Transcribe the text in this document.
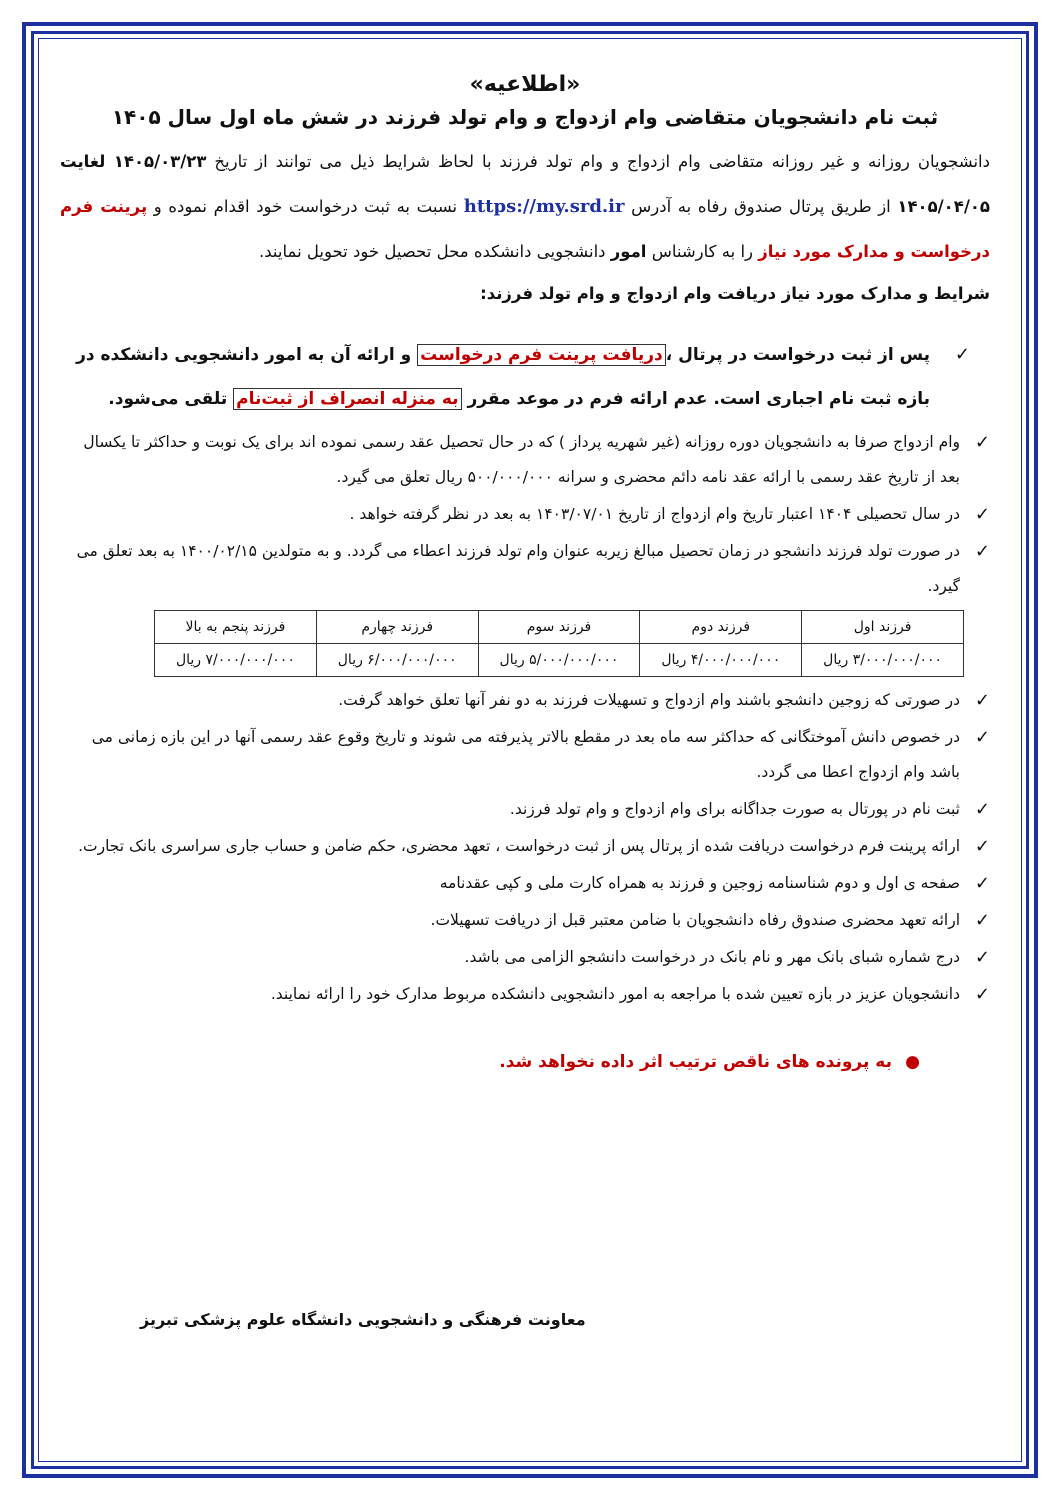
«اطلاعیه»
ثبت نام دانشجویان متقاضی وام ازدواج و وام تولد فرزند در شش ماه اول سال ۱۴۰۵

دانشجویان روزانه و غیر روزانه متقاضی وام ازدواج و وام تولد فرزند با لحاظ شرایط ذیل می توانند از تاریخ ۱۴۰۵/۰۳/۲۳ لغایت ۱۴۰۵/۰۴/۰۵ از طریق پرتال صندوق رفاه به آدرس https://my.srd.ir نسبت به ثبت درخواست خود اقدام نموده و پرینت فرم درخواست و مدارک مورد نیاز را به کارشناس امور دانشجویی دانشکده محل تحصیل خود تحویل نمایند.

شرایط و مدارک مورد نیاز دریافت وام ازدواج و وام تولد فرزند:
✓
پس از ثبت درخواست در پرتال ،دریافت پرینت فرم درخواست و ارائه آن به امور دانشجویی دانشکده در بازه ثبت نام اجباری است. عدم ارائه فرم در موعد مقرر به منزله انصراف از ثبت‌نام تلقی می‌شود.
✓
وام ازدواج صرفا به دانشجویان دوره روزانه (غیر شهریه پرداز ) که در حال تحصیل عقد رسمی نموده اند برای یک نوبت و حداکثر تا یکسال بعد از تاریخ عقد رسمی با ارائه عقد نامه دائم محضری و سرانه ۵۰۰/۰۰۰/۰۰۰ ریال تعلق می گیرد.
✓
در سال تحصیلی ۱۴۰۴ اعتبار تاریخ وام ازدواج از تاریخ ۱۴۰۳/۰۷/۰۱ به بعد در نظر گرفته خواهد .
✓
در صورت تولد فرزند دانشجو در زمان تحصیل مبالغ زیربه عنوان وام تولد فرزند اعطاء می گردد. و به متولدین ۱۴۰۰/۰۲/۱۵ به بعد تعلق می گیرد.
فرزند اول	فرزند دوم	فرزند سوم	فرزند چهارم	فرزند پنجم به بالا
۳/۰۰۰/۰۰۰/۰۰۰ ریال	۴/۰۰۰/۰۰۰/۰۰۰ ریال	۵/۰۰۰/۰۰۰/۰۰۰ ریال	۶/۰۰۰/۰۰۰/۰۰۰ ریال	۷/۰۰۰/۰۰۰/۰۰۰ ریال
✓
در صورتی که زوجین دانشجو باشند وام ازدواج و تسهیلات فرزند به دو نفر آنها تعلق خواهد گرفت.
✓
در خصوص دانش آموختگانی که حداکثر سه ماه بعد در مقطع بالاتر پذیرفته می شوند و تاریخ وقوع عقد رسمی آنها در این بازه زمانی می باشد وام ازدواج اعطا می گردد.
✓
ثبت نام در پورتال به صورت جداگانه برای وام ازدواج و وام تولد فرزند.
✓
ارائه پرینت فرم درخواست دریافت شده از پرتال پس از ثبت درخواست ، تعهد محضری، حکم ضامن و حساب جاری سراسری بانک تجارت.
✓
صفحه ی اول و دوم شناسنامه زوجین و فرزند به همراه کارت ملی و کپی عقدنامه
✓
ارائه تعهد محضری صندوق رفاه دانشجویان با ضامن معتبر قبل از دریافت تسهیلات.
✓
درج شماره شبای بانک مهر و نام بانک در درخواست دانشجو الزامی می باشد.
✓
دانشجویان عزیز در بازه تعیین شده با مراجعه به امور دانشجویی دانشکده مربوط مدارک خود را ارائه نمایند.
●
به پرونده های ناقص ترتیب اثر داده نخواهد شد.
معاونت فرهنگی و دانشجویی دانشگاه علوم پزشکی تبریز
